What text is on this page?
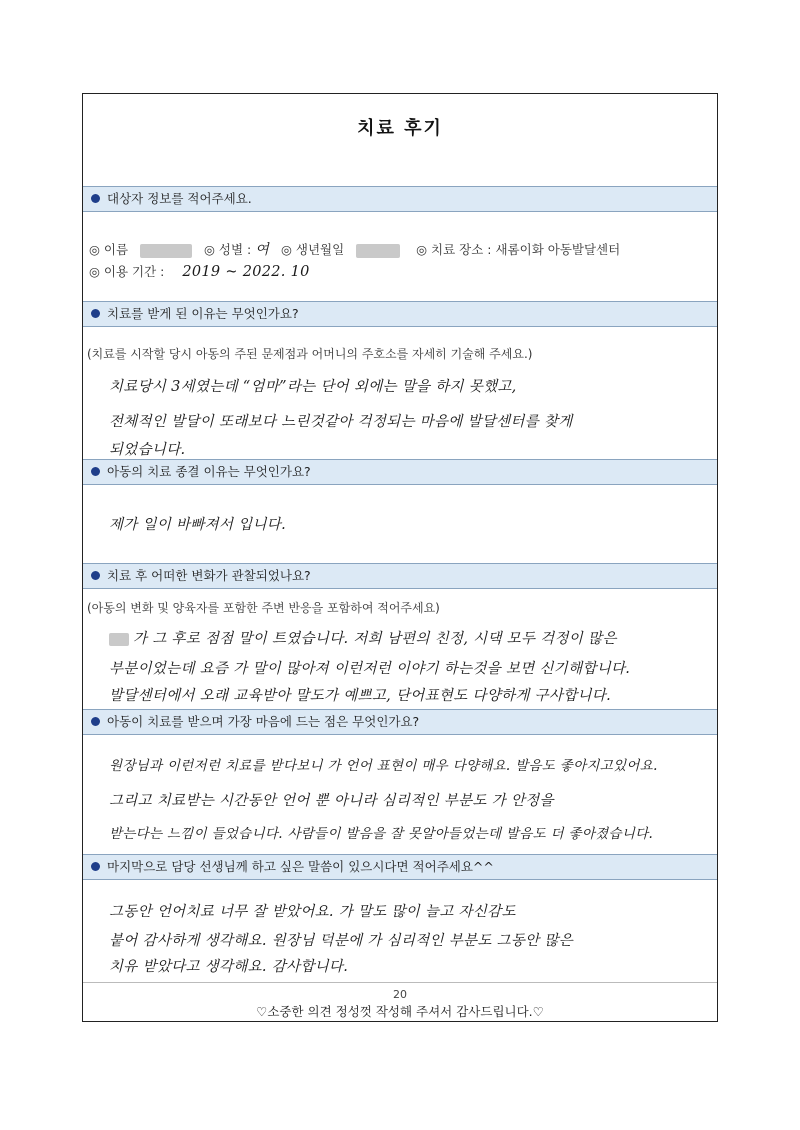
치료 후기
대상자 정보를 적어주세요.
◎ 이름	◎ 성별 : 여 ◎ 생년월일	◎ 치료 장소 : 새롬이화 아동발달센터
◎ 이용 기간 : 2019 ~ 2022. 10
치료를 받게 된 이유는 무엇인가요?
(치료를 시작할 당시 아동의 주된 문제점과 어머니의 주호소를 자세히 기술해 주세요.)
치료당시 3세였는데 “엄마”라는 단어 외에는 말을 하지 못했고,
전체적인 발달이 또래보다 느린것같아 걱정되는 마음에 발달센터를 찾게
되었습니다.
아동의 치료 종결 이유는 무엇인가요?
제가 일이 바빠져서 입니다.
치료 후 어떠한 변화가 관찰되었나요?
(아동의 변화 및 양육자를 포함한 주변 반응을 포함하여 적어주세요)
가 그 후로 점점 말이 트였습니다. 저희 남편의 친정, 시댁 모두 걱정이 많은
부분이었는데 요즘 가 말이 많아져 이런저런 이야기 하는것을 보면 신기해합니다.
발달센터에서 오래 교육받아 말도가 예쁘고, 단어표현도 다양하게 구사합니다.
아동이 치료를 받으며 가장 마음에 드는 점은 무엇인가요?
원장님과 이런저런 치료를 받다보니 가 언어 표현이 매우 다양해요. 발음도 좋아지고있어요.
그리고 치료받는 시간동안 언어 뿐 아니라 심리적인 부분도 가 안정을
받는다는 느낌이 들었습니다. 사람들이 발음을 잘 못알아들었는데 발음도 더 좋아졌습니다.
마지막으로 담당 선생님께 하고 싶은 말씀이 있으시다면 적어주세요^^
그동안 언어치료 너무 잘 받았어요. 가 말도 많이 늘고 자신감도
붙어 감사하게 생각해요. 원장님 덕분에 가 심리적인 부분도 그동안 많은
치유 받았다고 생각해요. 감사합니다.
20
♡소중한 의견 정성껏 작성해 주셔서 감사드립니다.♡
